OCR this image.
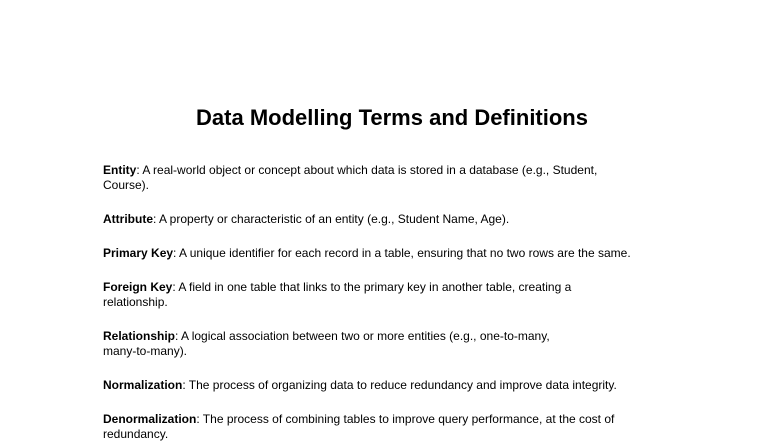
Data Modelling Terms and Definitions
Entity: A real-world object or concept about which data is stored in a database (e.g., Student,
Course).
Attribute: A property or characteristic of an entity (e.g., Student Name, Age).
Primary Key: A unique identifier for each record in a table, ensuring that no two rows are the same.
Foreign Key: A field in one table that links to the primary key in another table, creating a
relationship.
Relationship: A logical association between two or more entities (e.g., one-to-many,
many-to-many).
Normalization: The process of organizing data to reduce redundancy and improve data integrity.
Denormalization: The process of combining tables to improve query performance, at the cost of
redundancy.
